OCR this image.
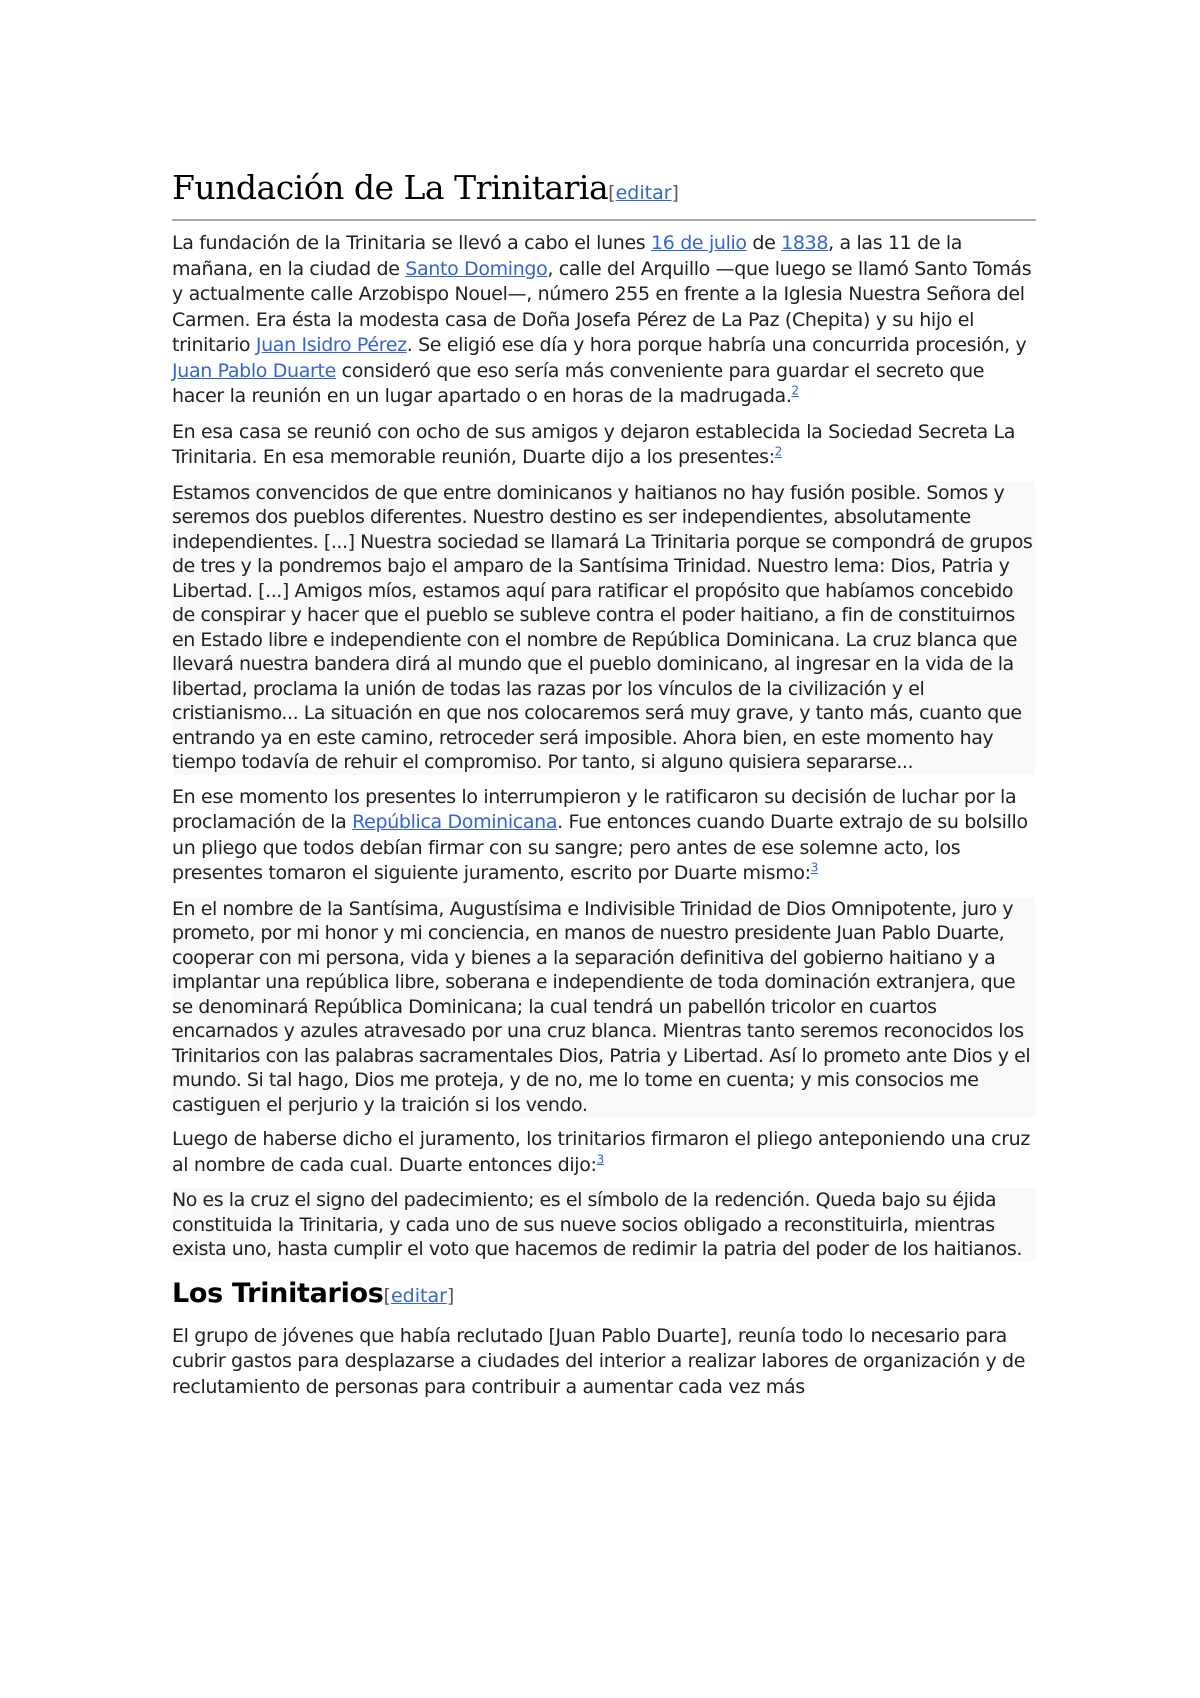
Fundación de La Trinitaria[editar]

La fundación de la Trinitaria se llevó a cabo el lunes 16 de julio de 1838, a las 11 de la mañana, en la ciudad de Santo Domingo, calle del Arquillo —que luego se llamó Santo Tomás y actualmente calle Arzobispo Nouel—, número 255 en frente a la Iglesia Nuestra Señora del Carmen. Era ésta la modesta casa de Doña Josefa Pérez de La Paz (Chepita) y su hijo el trinitario Juan Isidro Pérez. Se eligió ese día y hora porque habría una concurrida procesión, y Juan Pablo Duarte consideró que eso sería más conveniente para guardar el secreto que hacer la reunión en un lugar apartado o en horas de la madrugada.$^2$

En esa casa se reunió con ocho de sus amigos y dejaron establecida la Sociedad Secreta La Trinitaria. En esa memorable reunión, Duarte dijo a los presentes:$^2$

Estamos convencidos de que entre dominicanos y haitianos no hay fusión posible. Somos y seremos dos pueblos diferentes. Nuestro destino es ser independientes, absolutamente independientes. [...] Nuestra sociedad se llamará La Trinitaria porque se compondrá de grupos de tres y la pondremos bajo el amparo de la Santísima Trinidad. Nuestro lema: Dios, Patria y Libertad. [...] Amigos míos, estamos aquí para ratificar el propósito que habíamos concebido de conspirar y hacer que el pueblo se subleve contra el poder haitiano, a fin de constituirnos en Estado libre e independiente con el nombre de República Dominicana. La cruz blanca que llevará nuestra bandera dirá al mundo que el pueblo dominicano, al ingresar en la vida de la libertad, proclama la unión de todas las razas por los vínculos de la civilización y el cristianismo... La situación en que nos colocaremos será muy grave, y tanto más, cuanto que entrando ya en este camino, retroceder será imposible. Ahora bien, en este momento hay tiempo todavía de rehuir el compromiso. Por tanto, si alguno quisiera separarse...

En ese momento los presentes lo interrumpieron y le ratificaron su decisión de luchar por la proclamación de la República Dominicana. Fue entonces cuando Duarte extrajo de su bolsillo un pliego que todos debían firmar con su sangre; pero antes de ese solemne acto, los presentes tomaron el siguiente juramento, escrito por Duarte mismo:$^3$

En el nombre de la Santísima, Augustísima e Indivisible Trinidad de Dios Omnipotente, juro y prometo, por mi honor y mi conciencia, en manos de nuestro presidente Juan Pablo Duarte, cooperar con mi persona, vida y bienes a la separación definitiva del gobierno haitiano y a implantar una república libre, soberana e independiente de toda dominación extranjera, que se denominará República Dominicana; la cual tendrá un pabellón tricolor en cuartos encarnados y azules atravesado por una cruz blanca. Mientras tanto seremos reconocidos los Trinitarios con las palabras sacramentales Dios, Patria y Libertad. Así lo prometo ante Dios y el mundo. Si tal hago, Dios me proteja, y de no, me lo tome en cuenta; y mis consocios me castiguen el perjurio y la traición si los vendo.

Luego de haberse dicho el juramento, los trinitarios firmaron el pliego anteponiendo una cruz al nombre de cada cual. Duarte entonces dijo:$^3$

No es la cruz el signo del padecimiento; es el símbolo de la redención. Queda bajo su éjida constituida la Trinitaria, y cada uno de sus nueve socios obligado a reconstituirla, mientras exista uno, hasta cumplir el voto que hacemos de redimir la patria del poder de los haitianos.
Los Trinitarios[editar]

El grupo de jóvenes que había reclutado [Juan Pablo Duarte], reunía todo lo necesario para cubrir gastos para desplazarse a ciudades del interior a realizar labores de organización y de reclutamiento de personas para contribuir a aumentar cada vez más
